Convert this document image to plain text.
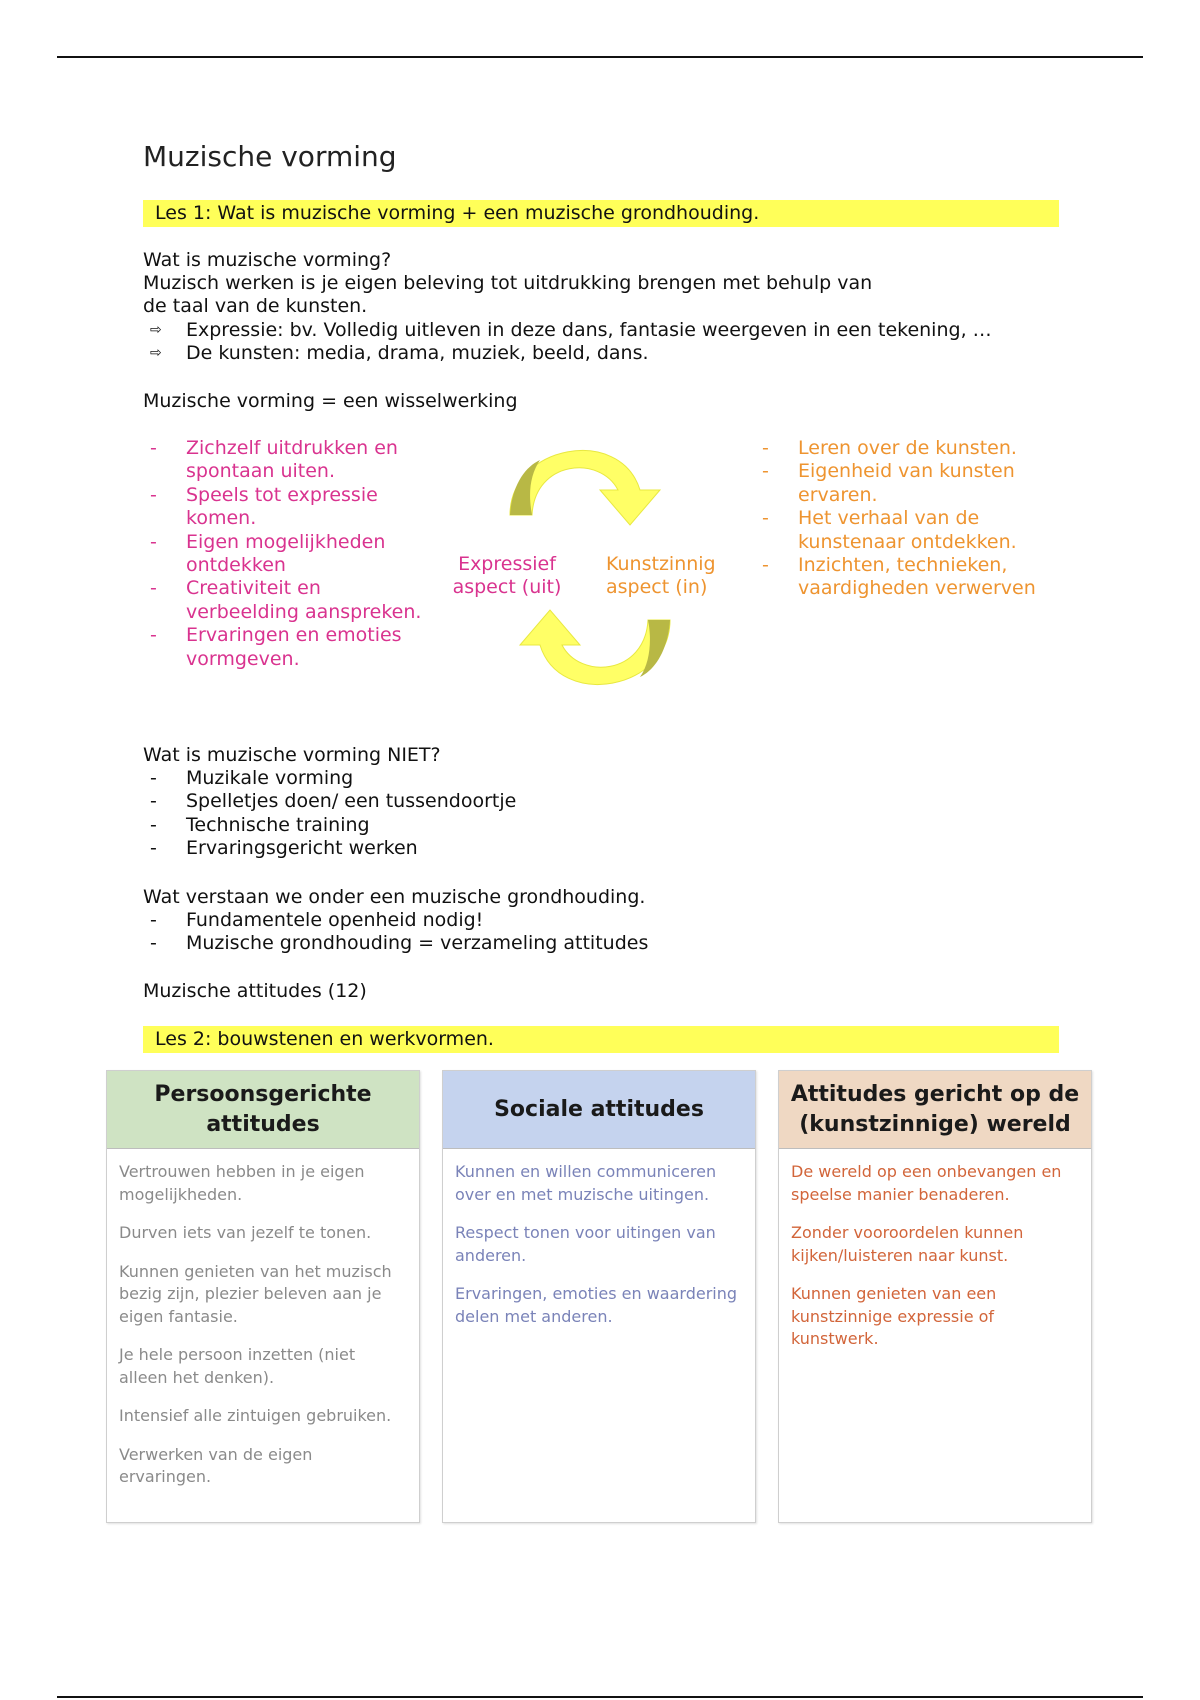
Muzische vorming
Les 1: Wat is muzische vorming + een muzische grondhouding.

Wat is muzische vorming?

Muzisch werken is je eigen beleving tot uitdrukking brengen met behulp van

de taal van de kunsten.

⇨ Expressie: bv. Volledig uitleven in deze dans, fantasie weergeven in een tekening, …
⇨ De kunsten: media, drama, muziek, beeld, dans.
Muzische vorming = een wisselwerking
- Zichzelf uitdrukken en spontaan uiten.
- Speels tot expressie komen.
- Eigen mogelijkheden ontdekken
- Creativiteit en verbeelding aanspreken.
- Ervaringen en emoties vormgeven.
Expressief
aspect (uit)
Kunstzinnig
aspect (in)
- Leren over de kunsten.
- Eigenheid van kunsten ervaren.
- Het verhaal van de kunstenaar ontdekken.
- Inzichten, technieken, vaardigheden verwerven
Wat is muzische vorming NIET?
- Muzikale vorming
- Spelletjes doen/ een tussendoortje
- Technische training
- Ervaringsgericht werken
Wat verstaan we onder een muzische grondhouding.
- Fundamentele openheid nodig!
- Muzische grondhouding = verzameling attitudes
Muzische attitudes (12)
Les 2: bouwstenen en werkvormen.
Persoonsgerichte attitudes

Vertrouwen hebben in je eigen mogelijkheden.

Durven iets van jezelf te tonen.

Kunnen genieten van het muzisch bezig zijn, plezier beleven aan je eigen fantasie.

Je hele persoon inzetten (niet alleen het denken).

Intensief alle zintuigen gebruiken.

Verwerken van de eigen ervaringen.

Sociale attitudes

Kunnen en willen communiceren over en met muzische uitingen.

Respect tonen voor uitingen van anderen.

Ervaringen, emoties en waardering delen met anderen.

Attitudes gericht op de (kunstzinnige) wereld

De wereld op een onbevangen en speelse manier benaderen.

Zonder vooroordelen kunnen kijken/luisteren naar kunst.

Kunnen genieten van een kunstzinnige expressie of kunstwerk.
